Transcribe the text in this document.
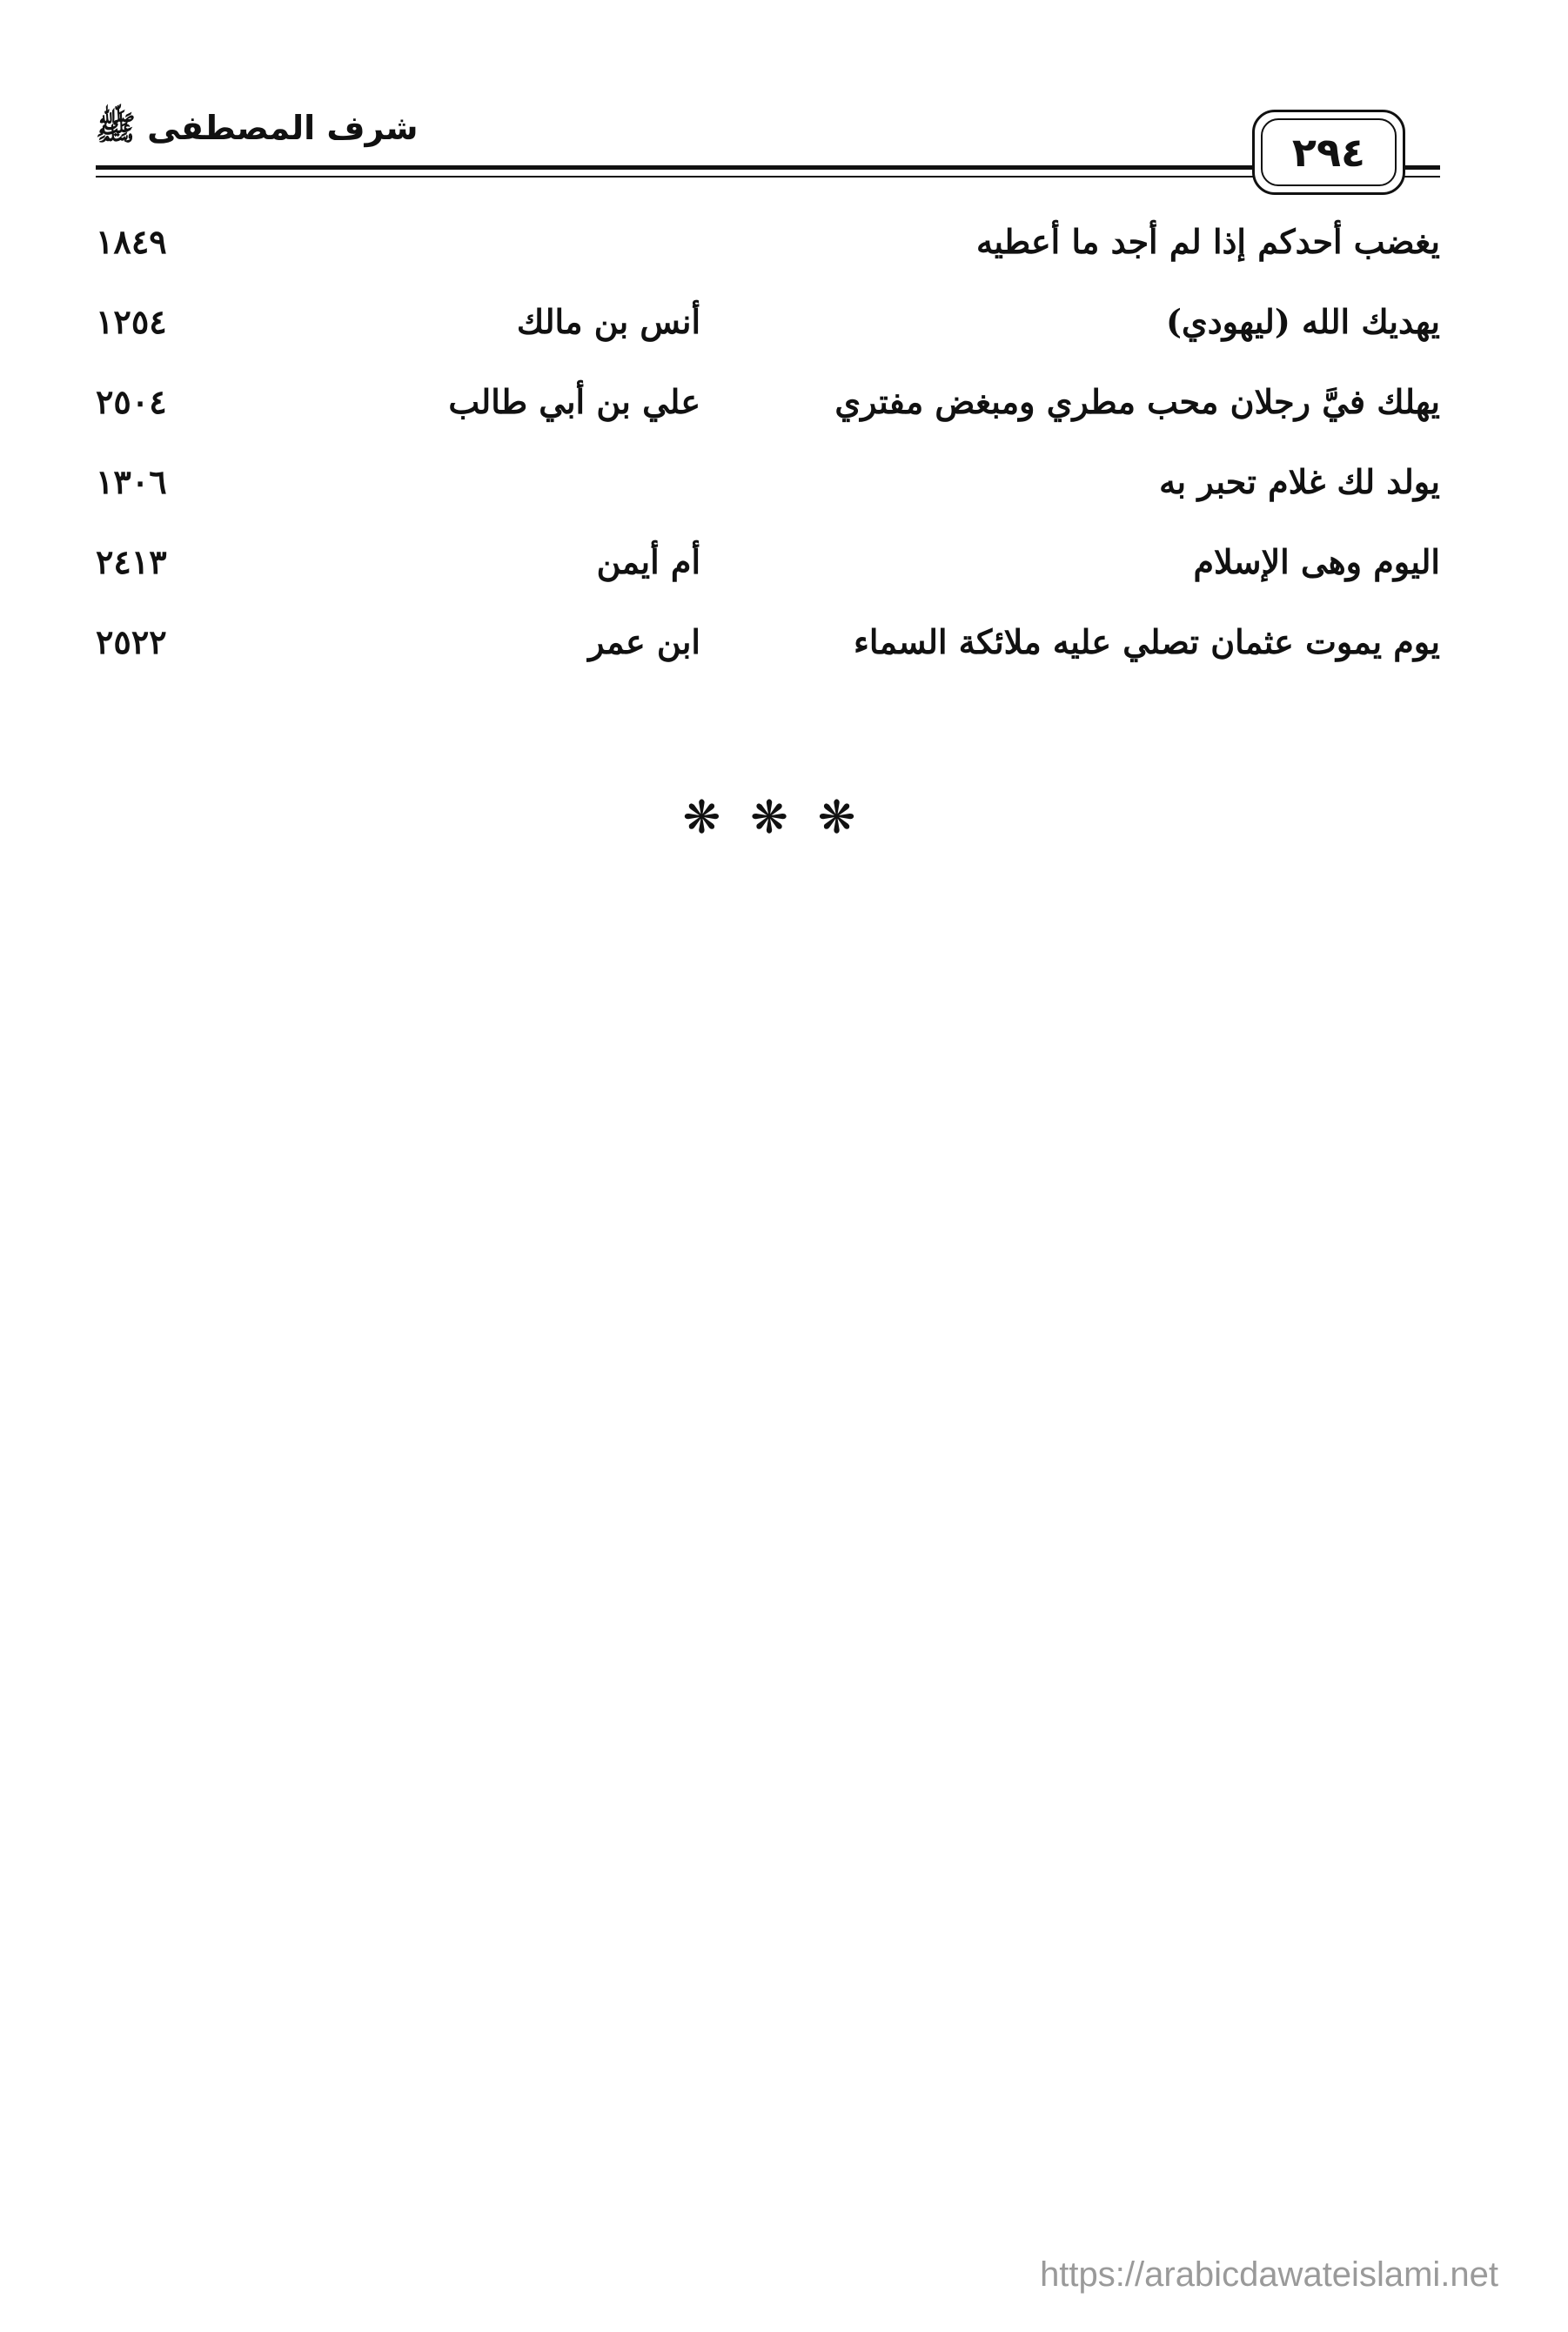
شرف المصطفى ﷺ
٢٩٤
يغضب أحدكم إذا لم أجد ما أعطيه
١٨٤٩
يهديك الله (ليهودي)
أنس بن مالك
١٢٥٤
يهلك فيَّ رجلان محب مطري ومبغض مفتري
علي بن أبي طالب
٢٥٠٤
يولد لك غلام تحبر به
١٣٠٦
اليوم وهى الإسلام
أم أيمن
٢٤١٣
يوم يموت عثمان تصلي عليه ملائكة السماء
ابن عمر
٢٥٢٢
❋❋❋
https://arabicdawateislami.net
